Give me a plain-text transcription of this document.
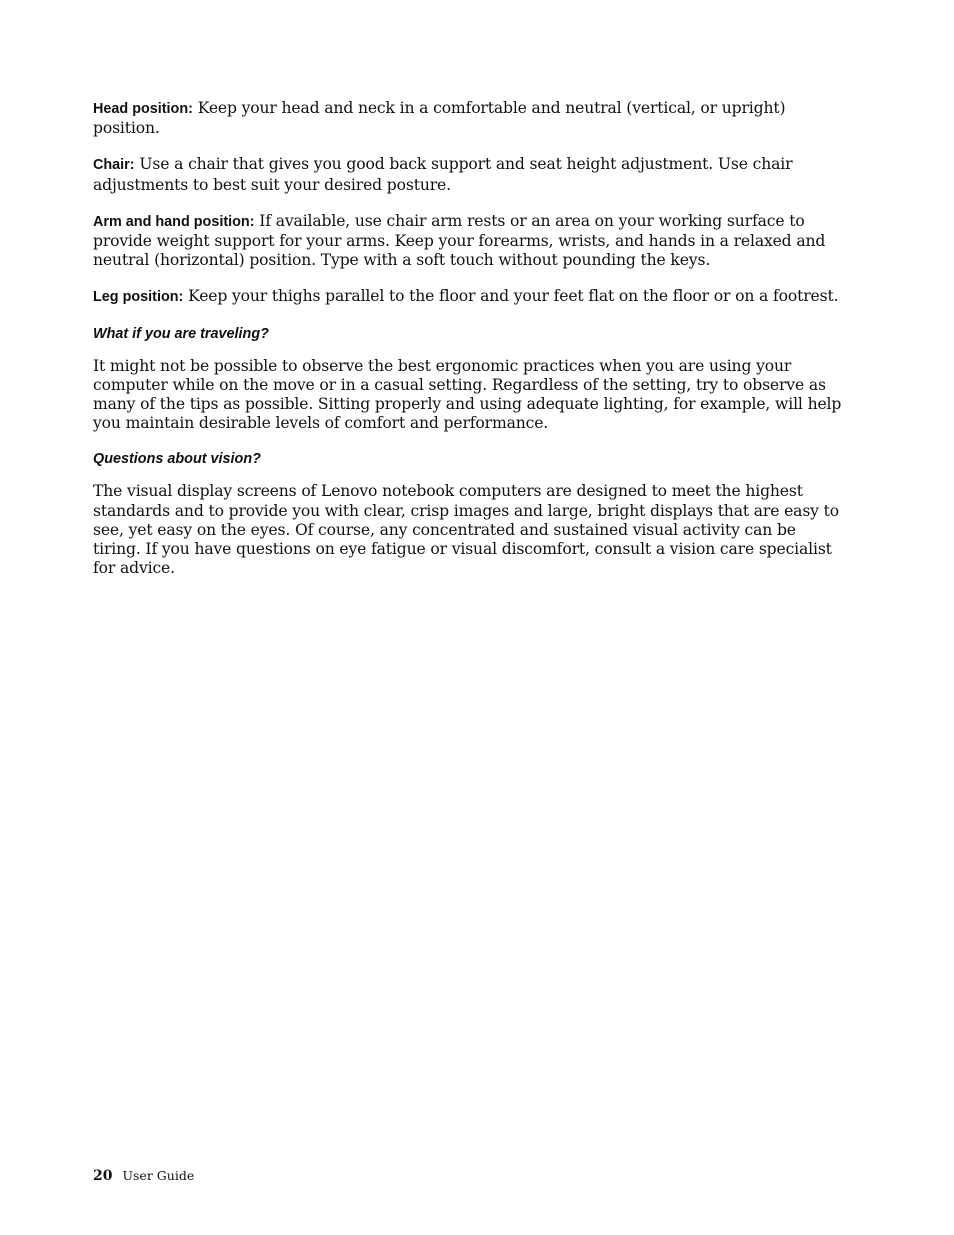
Head position: Keep your head and neck in a comfortable and neutral (vertical, or upright) position.

Chair: Use a chair that gives you good back support and seat height adjustment. Use chair adjustments to best suit your desired posture.

Arm and hand position: If available, use chair arm rests or an area on your working surface to provide weight support for your arms. Keep your forearms, wrists, and hands in a relaxed and neutral (horizontal) position. Type with a soft touch without pounding the keys.

Leg position: Keep your thighs parallel to the floor and your feet flat on the floor or on a footrest.

What if you are traveling?

It might not be possible to observe the best ergonomic practices when you are using your computer while on the move or in a casual setting. Regardless of the setting, try to observe as many of the tips as possible. Sitting properly and using adequate lighting, for example, will help you maintain desirable levels of comfort and performance.

Questions about vision?

The visual display screens of Lenovo notebook computers are designed to meet the highest standards and to provide you with clear, crisp images and large, bright displays that are easy to see, yet easy on the eyes. Of course, any concentrated and sustained visual activity can be tiring. If you have questions on eye fatigue or visual discomfort, consult a vision care specialist for advice.

20 User Guide
